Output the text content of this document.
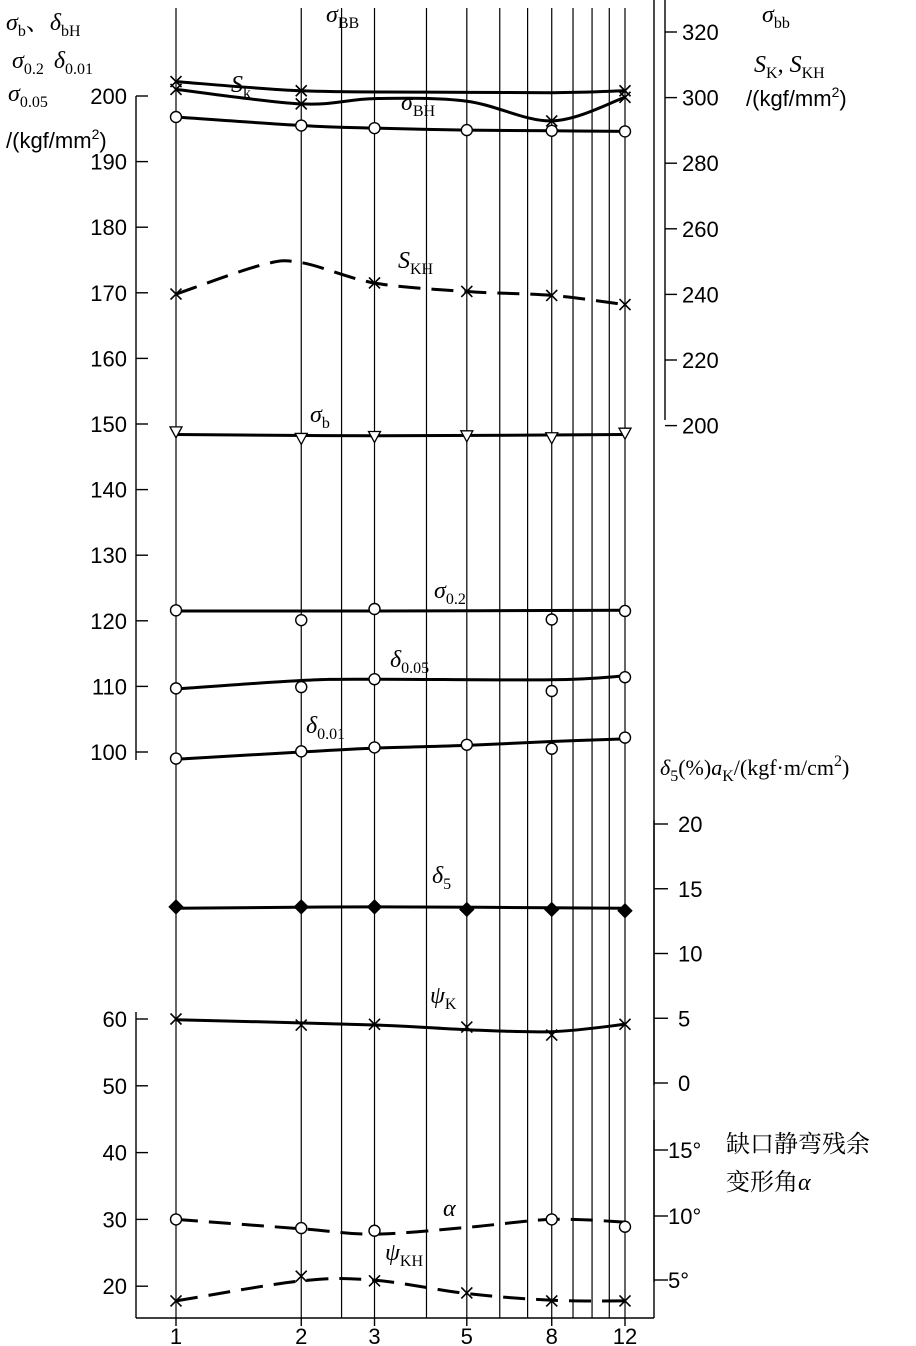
200
190
180
170
160
150
140
130
120
110
100
60
50
40
30
20
320
300
280
260
240
220
200
20
15
10
5
0
15°
10°
5°
1	2	3	5	8 12
$\sigma_b$、$\delta_{bH}$
$\sigma_{0.2}$ $\delta_{0.01}$
$\sigma_{0.05}$
$/(kgf/mm^2)$
$\sigma_{bb}$
$S_K$, $S_{KH}$
$/(kgf/mm^2)$
$\delta_5(\%)a_K/(kgf\cdot m/cm^2)$
缺口静弯残余
变形角α
$\sigma_{BB}$
$S_k$	$\sigma_{BH}$
$S_{KH}$
$\sigma_b$
$\sigma_{0.2}$
$\delta_{0.05}$
$\delta_{0.01}$
$\delta_5$
$\psi_K$
α
$\psi_{KH}$
